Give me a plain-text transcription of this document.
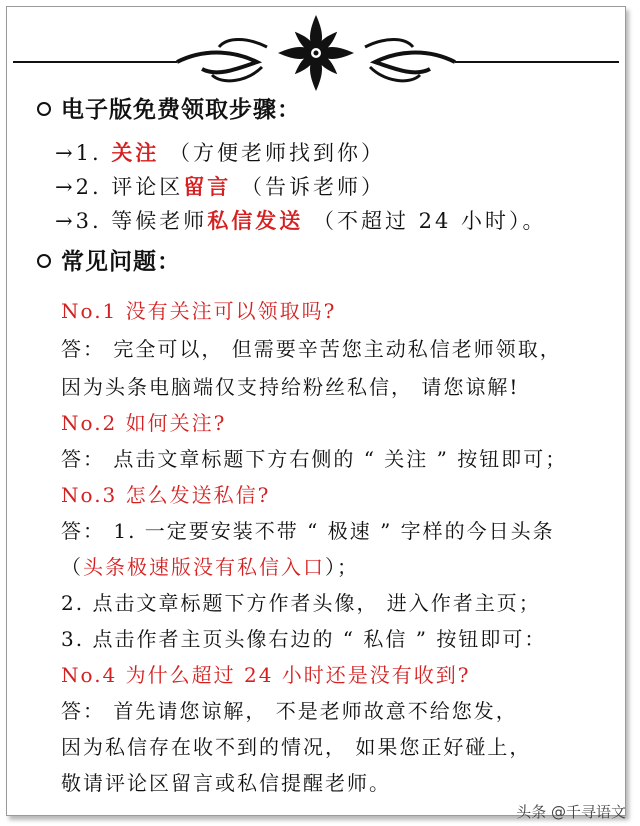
电子版免费领取步骤：
→1. 关注 （方便老师找到你）
→2. 评论区留言 （告诉老师）
→3. 等候老师私信发送 （不超过 24 小时）。
常见问题：
No.1 没有关注可以领取吗?
答： 完全可以， 但需要辛苦您主动私信老师领取，
因为头条电脑端仅支持给粉丝私信， 请您谅解!
No.2 如何关注?
答： 点击文章标题下方右侧的 “ 关注 ” 按钮即可；
No.3 怎么发送私信?
答： 1. 一定要安装不带 “ 极速 ” 字样的今日头条
（头条极速版没有私信入口）；
2. 点击文章标题下方作者头像， 进入作者主页；
3. 点击作者主页头像右边的 “ 私信 ” 按钮即可：
No.4 为什么超过 24 小时还是没有收到?
答： 首先请您谅解， 不是老师故意不给您发，
因为私信存在收不到的情况， 如果您正好碰上，
敬请评论区留言或私信提醒老师。
头条 @千寻语文
